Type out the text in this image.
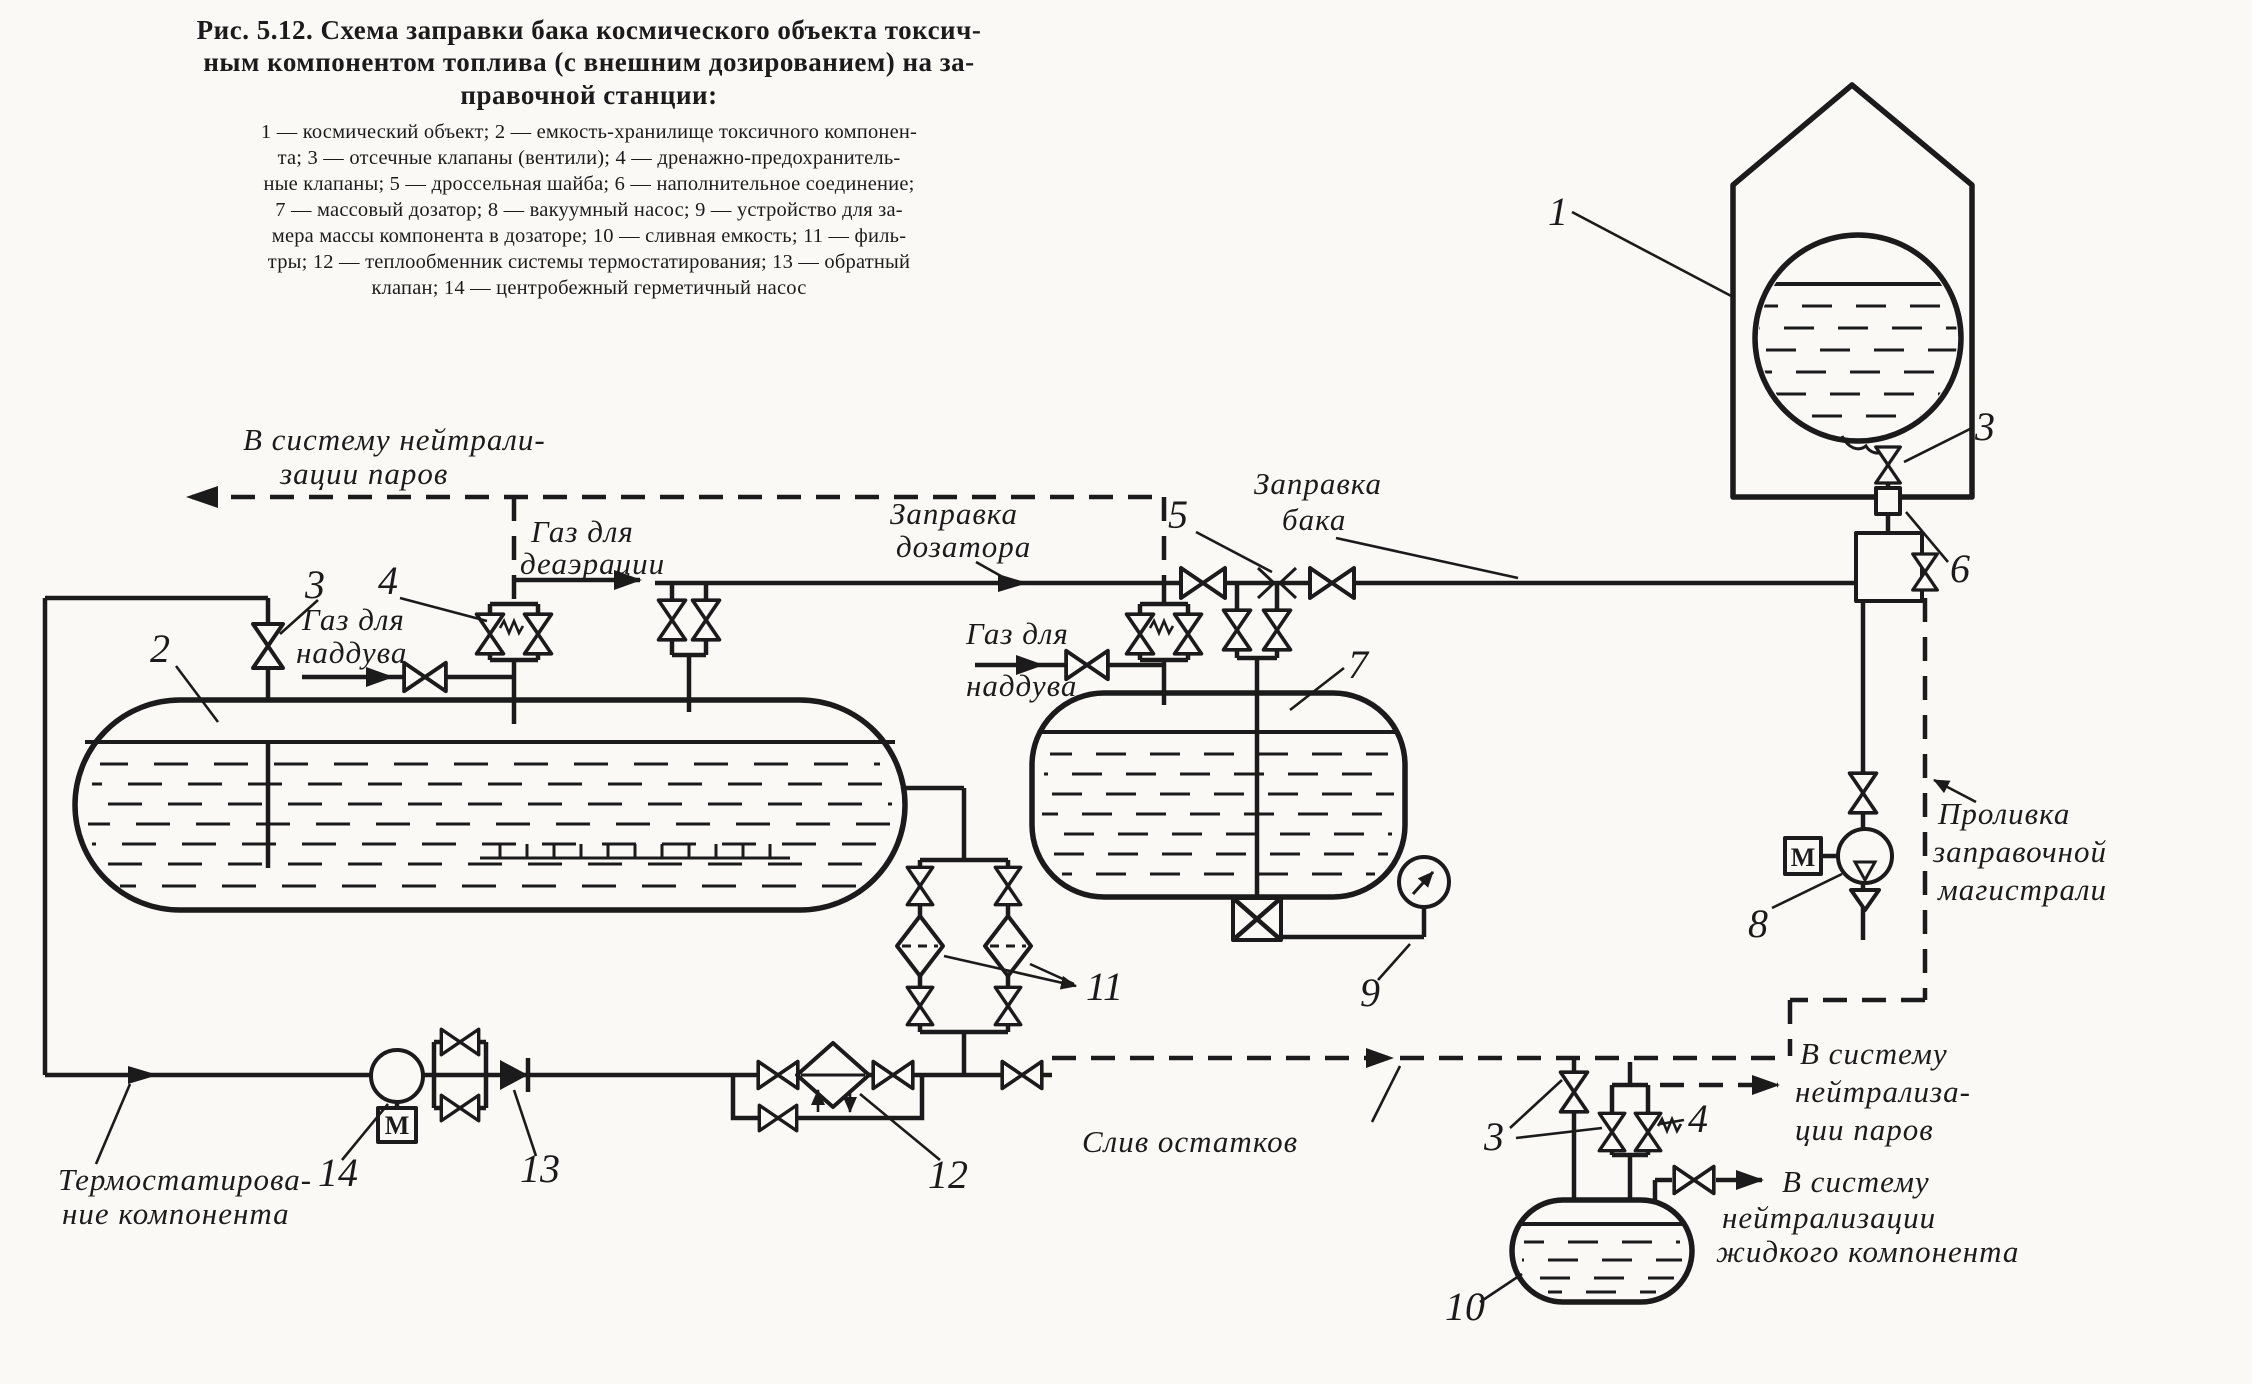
Рис. 5.12. Схема заправки бака космического объекта токсич-
ным компонентом топлива (с внешним дозированием) на за-
правочной станции:
1 — космический объект; 2 — емкость-хранилище токсичного компонен-
та; 3 — отсечные клапаны (вентили); 4 — дренажно-предохранитель-
ные клапаны; 5 — дроссельная шайба; 6 — наполнительное соединение;
7 — массовый дозатор; 8 — вакуумный насос; 9 — устройство для за-
мера массы компонента в дозаторе; 10 — сливная емкость; 11 — филь-
тры; 12 — теплообменник системы термостатирования; 13 — обратный
клапан; 14 — центробежный герметичный насос
М
М
В систему нейтрали-
зации паров
Газ для
деаэрации
Заправка
дозатора
Заправка
бака
Газ для
наддува
Газ для
наддува
Проливка
заправочной
магистрали
Термостатирова-
ние компонента
Слив остатков
В систему
нейтрализа-
ции паров
В систему
нейтрализации
жидкого компонента
1
2
3 4
5
3
6
7
8
9
10
11
12
13
14
3	4
